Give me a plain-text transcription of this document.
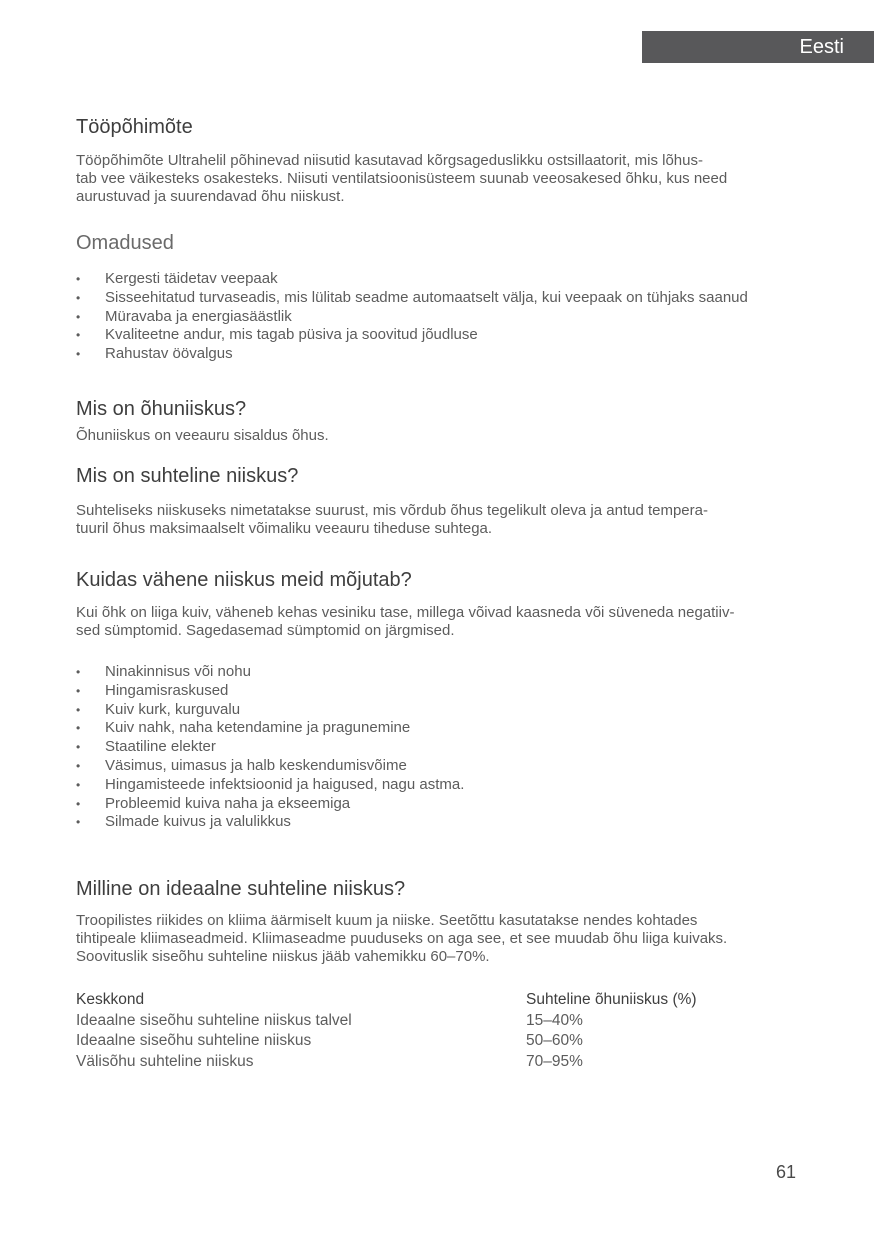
Eesti
Tööpõhimõte

Tööpõhimõte Ultrahelil põhinevad niisutid kasutavad kõrgsageduslikku ostsillaatorit, mis lõhus-
tab vee väikesteks osakesteks. Niisuti ventilatsioonisüsteem suunab veeosakesed õhku, kus need
aurustuvad ja suurendavad õhu niiskust.

Omadused
• Kergesti täidetav veepaak
• Sisseehitatud turvaseadis, mis lülitab seadme automaatselt välja, kui veepaak on tühjaks saanud
• Müravaba ja energiasäästlik
• Kvaliteetne andur, mis tagab püsiva ja soovitud jõudluse
• Rahustav öövalgus
Mis on õhuniiskus?

Õhuniiskus on veeauru sisaldus õhus.

Mis on suhteline niiskus?

Suhteliseks niiskuseks nimetatakse suurust, mis võrdub õhus tegelikult oleva ja antud tempera-
tuuril õhus maksimaalselt võimaliku veeauru tiheduse suhtega.

Kuidas vähene niiskus meid mõjutab?

Kui õhk on liiga kuiv, väheneb kehas vesiniku tase, millega võivad kaasneda või süveneda negatiiv-
sed sümptomid. Sagedasemad sümptomid on järgmised.

• Ninakinnisus või nohu
• Hingamisraskused
• Kuiv kurk, kurguvalu
• Kuiv nahk, naha ketendamine ja pragunemine
• Staatiline elekter
• Väsimus, uimasus ja halb keskendumisvõime
• Hingamisteede infektsioonid ja haigused, nagu astma.
• Probleemid kuiva naha ja ekseemiga
• Silmade kuivus ja valulikkus
Milline on ideaalne suhteline niiskus?

Troopilistes riikides on kliima äärmiselt kuum ja niiske. Seetõttu kasutatakse nendes kohtades
tihtipeale kliimaseadmeid. Kliimaseadme puuduseks on aga see, et see muudab õhu liiga kuivaks.
Soovituslik siseõhu suhteline niiskus jääb vahemikku 60–70%.

Keskkond	Suhteline õhuniiskus (%)
Ideaalne siseõhu suhteline niiskus talvel	15–40%
Ideaalne siseõhu suhteline niiskus	50–60%
Välisõhu suhteline niiskus	70–95%
61
